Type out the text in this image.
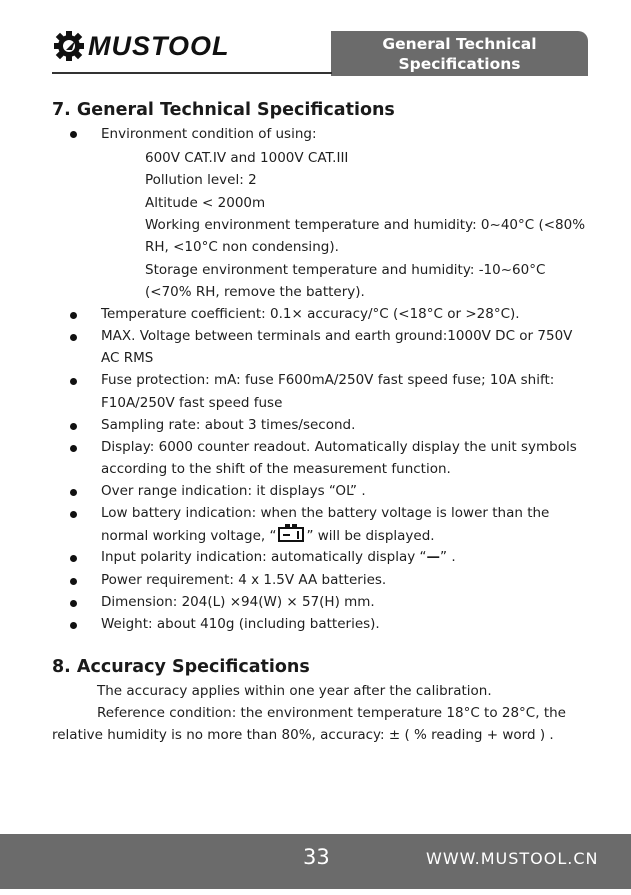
MUSTOOL	General Technical Specifications
Accuracy Specifications
7. General Technical Specifications
Environment condition of using:
600V CAT.IV and 1000V CAT.III
Pollution level: 2
Altitude < 2000m
Working environment temperature and humidity: 0~40°C (<80%
RH, <10°C non condensing).
Storage environment temperature and humidity: -10~60°C
(<70% RH, remove the battery).
Temperature coefficient: 0.1× accuracy/°C (<18°C or >28°C).
MAX. Voltage between terminals and earth ground:1000V DC or 750V
AC RMS
Fuse protection: mA: fuse F600mA/250V fast speed fuse; 10A shift:
F10A/250V fast speed fuse
Sampling rate: about 3 times/second.
Display: 6000 counter readout. Automatically display the unit symbols
according to the shift of the measurement function.
Over range indication: it displays “OL” .
Low battery indication: when the battery voltage is lower than the
normal working voltage, “ ” will be displayed.
Input polarity indication: automatically display “—” .
Power requirement: 4 x 1.5V AA batteries.
Dimension: 204(L) ×94(W) × 57(H) mm.
Weight: about 410g (including batteries).
8. Accuracy Specifications
The accuracy applies within one year after the calibration.
Reference condition: the environment temperature 18°C to 28°C, the
relative humidity is no more than 80%, accuracy: ± ( % reading + word ) .
33	WWW.MUSTOOL.CN
